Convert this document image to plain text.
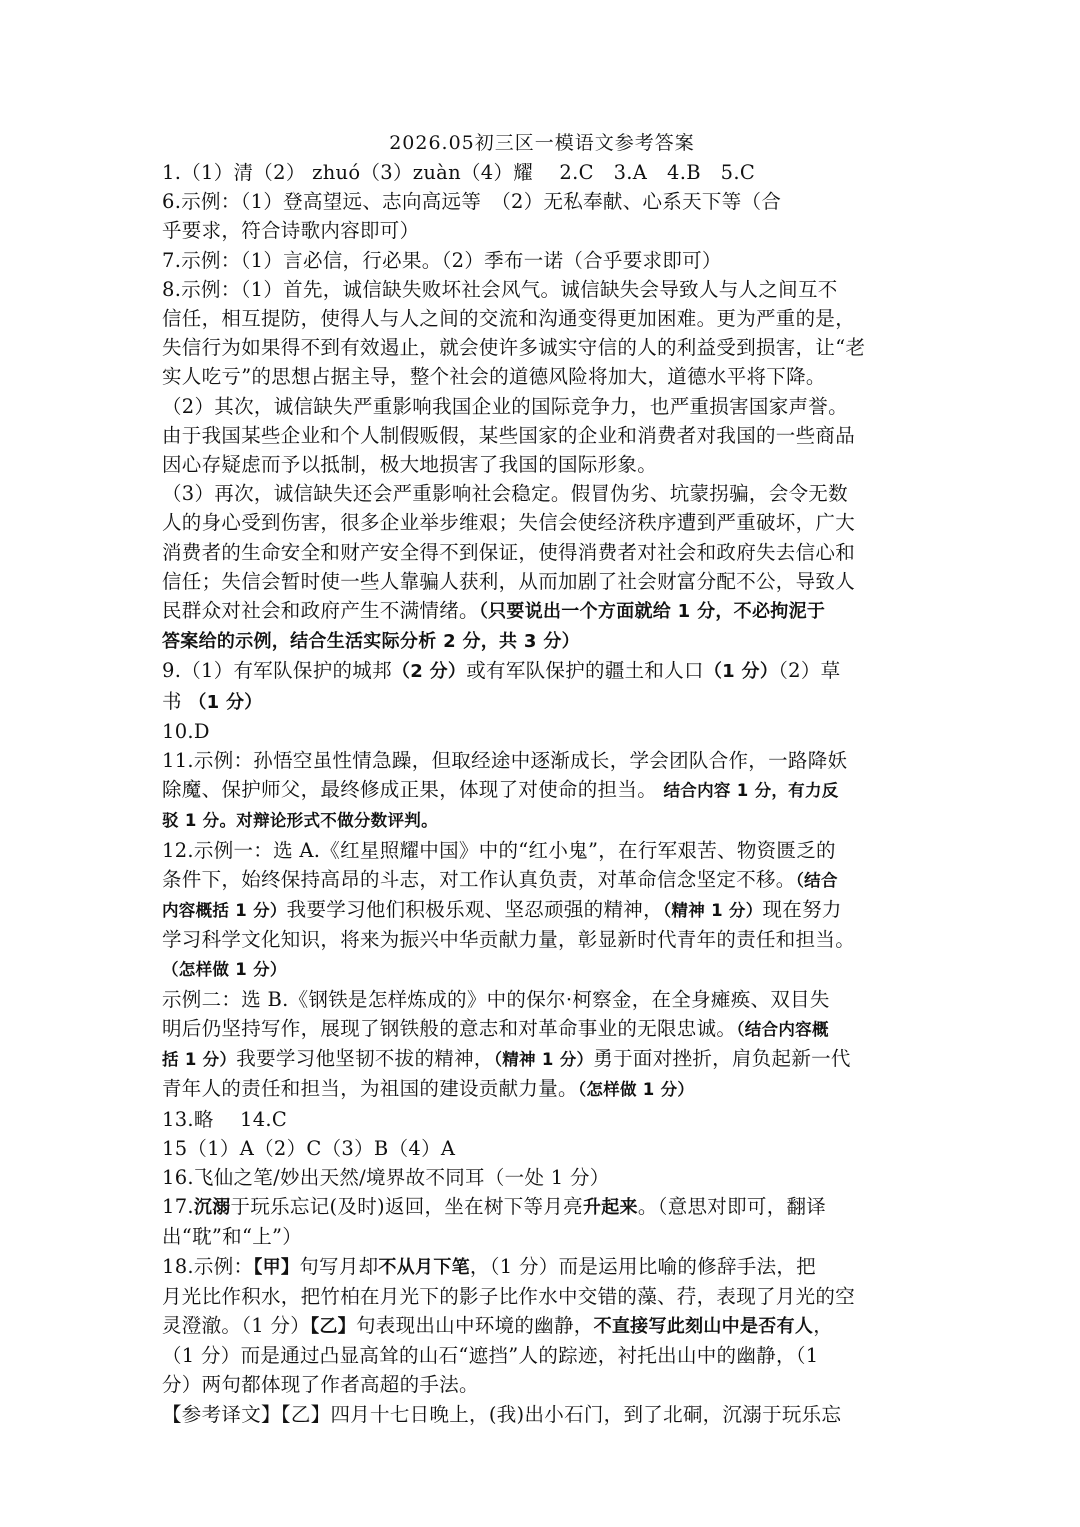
2026.05初三区一模语文参考答案
1.（1）清（2） zhuó（3）zuàn（4）耀　 2.C　3.A　4.B　5.C
6.示例：（1）登高望远、志向高远等　（2）无私奉献、心系天下等（合
乎要求，符合诗歌内容即可）
7.示例：（1）言必信，行必果。（2）季布一诺（合乎要求即可）
8.示例：（1）首先，诚信缺失败坏社会风气。诚信缺失会导致人与人之间互不
信任，相互提防，使得人与人之间的交流和沟通变得更加困难。更为严重的是，
失信行为如果得不到有效遏止，就会使许多诚实守信的人的利益受到损害，让“老
实人吃亏”的思想占据主导，整个社会的道德风险将加大，道德水平将下降。
（2）其次，诚信缺失严重影响我国企业的国际竞争力，也严重损害国家声誉。
由于我国某些企业和个人制假贩假，某些国家的企业和消费者对我国的一些商品
因心存疑虑而予以抵制，极大地损害了我国的国际形象。
（3）再次，诚信缺失还会严重影响社会稳定。假冒伪劣、坑蒙拐骗，会令无数
人的身心受到伤害，很多企业举步维艰；失信会使经济秩序遭到严重破坏，广大
消费者的生命安全和财产安全得不到保证，使得消费者对社会和政府失去信心和
信任；失信会暂时使一些人靠骗人获利，从而加剧了社会财富分配不公，导致人
民群众对社会和政府产生不满情绪。（只要说出一个方面就给 1 分，不必拘泥于
答案给的示例，结合生活实际分析 2 分，共 3 分）
9.（1）有军队保护的城邦（2 分）或有军队保护的疆土和人口（1 分）（2）草
书 （1 分）
10.D
11.示例：孙悟空虽性情急躁，但取经途中逐渐成长，学会团队合作，一路降妖
除魔、保护师父，最终修成正果，体现了对使命的担当。 结合内容 1 分，有力反
驳 1 分。对辩论形式不做分数评判。
12.示例一：选 A.《红星照耀中国》中的“红小鬼”，在行军艰苦、物资匮乏的
条件下，始终保持高昂的斗志，对工作认真负责，对革命信念坚定不移。（结合
内容概括 1 分）我要学习他们积极乐观、坚忍顽强的精神，（精神 1 分）现在努力
学习科学文化知识，将来为振兴中华贡献力量，彰显新时代青年的责任和担当。
（怎样做 1 分）
示例二：选 B.《钢铁是怎样炼成的》中的保尔·柯察金，在全身瘫痪、双目失
明后仍坚持写作，展现了钢铁般的意志和对革命事业的无限忠诚。（结合内容概
括 1 分）我要学习他坚韧不拔的精神，（精神 1 分）勇于面对挫折，肩负起新一代
青年人的责任和担当，为祖国的建设贡献力量。（怎样做 1 分）
13.略　 14.C
15（1）A（2）C（3）B（4）A
16.飞仙之笔/妙出天然/境界故不同耳（一处 1 分）
17.沉溺于玩乐忘记(及时)返回，坐在树下等月亮升起来。（意思对即可，翻译
出“耽”和“上”）
18.示例：【甲】句写月却不从月下笔，（1 分）而是运用比喻的修辞手法，把
月光比作积水，把竹柏在月光下的影子比作水中交错的藻、荇，表现了月光的空
灵澄澈。（1 分）【乙】句表现出山中环境的幽静，不直接写此刻山中是否有人，
（1 分）而是通过凸显高耸的山石“遮挡”人的踪迹，衬托出山中的幽静，（1
分）两句都体现了作者高超的手法。
【参考译文】【乙】四月十七日晚上，(我)出小石门，到了北硐，沉溺于玩乐忘
